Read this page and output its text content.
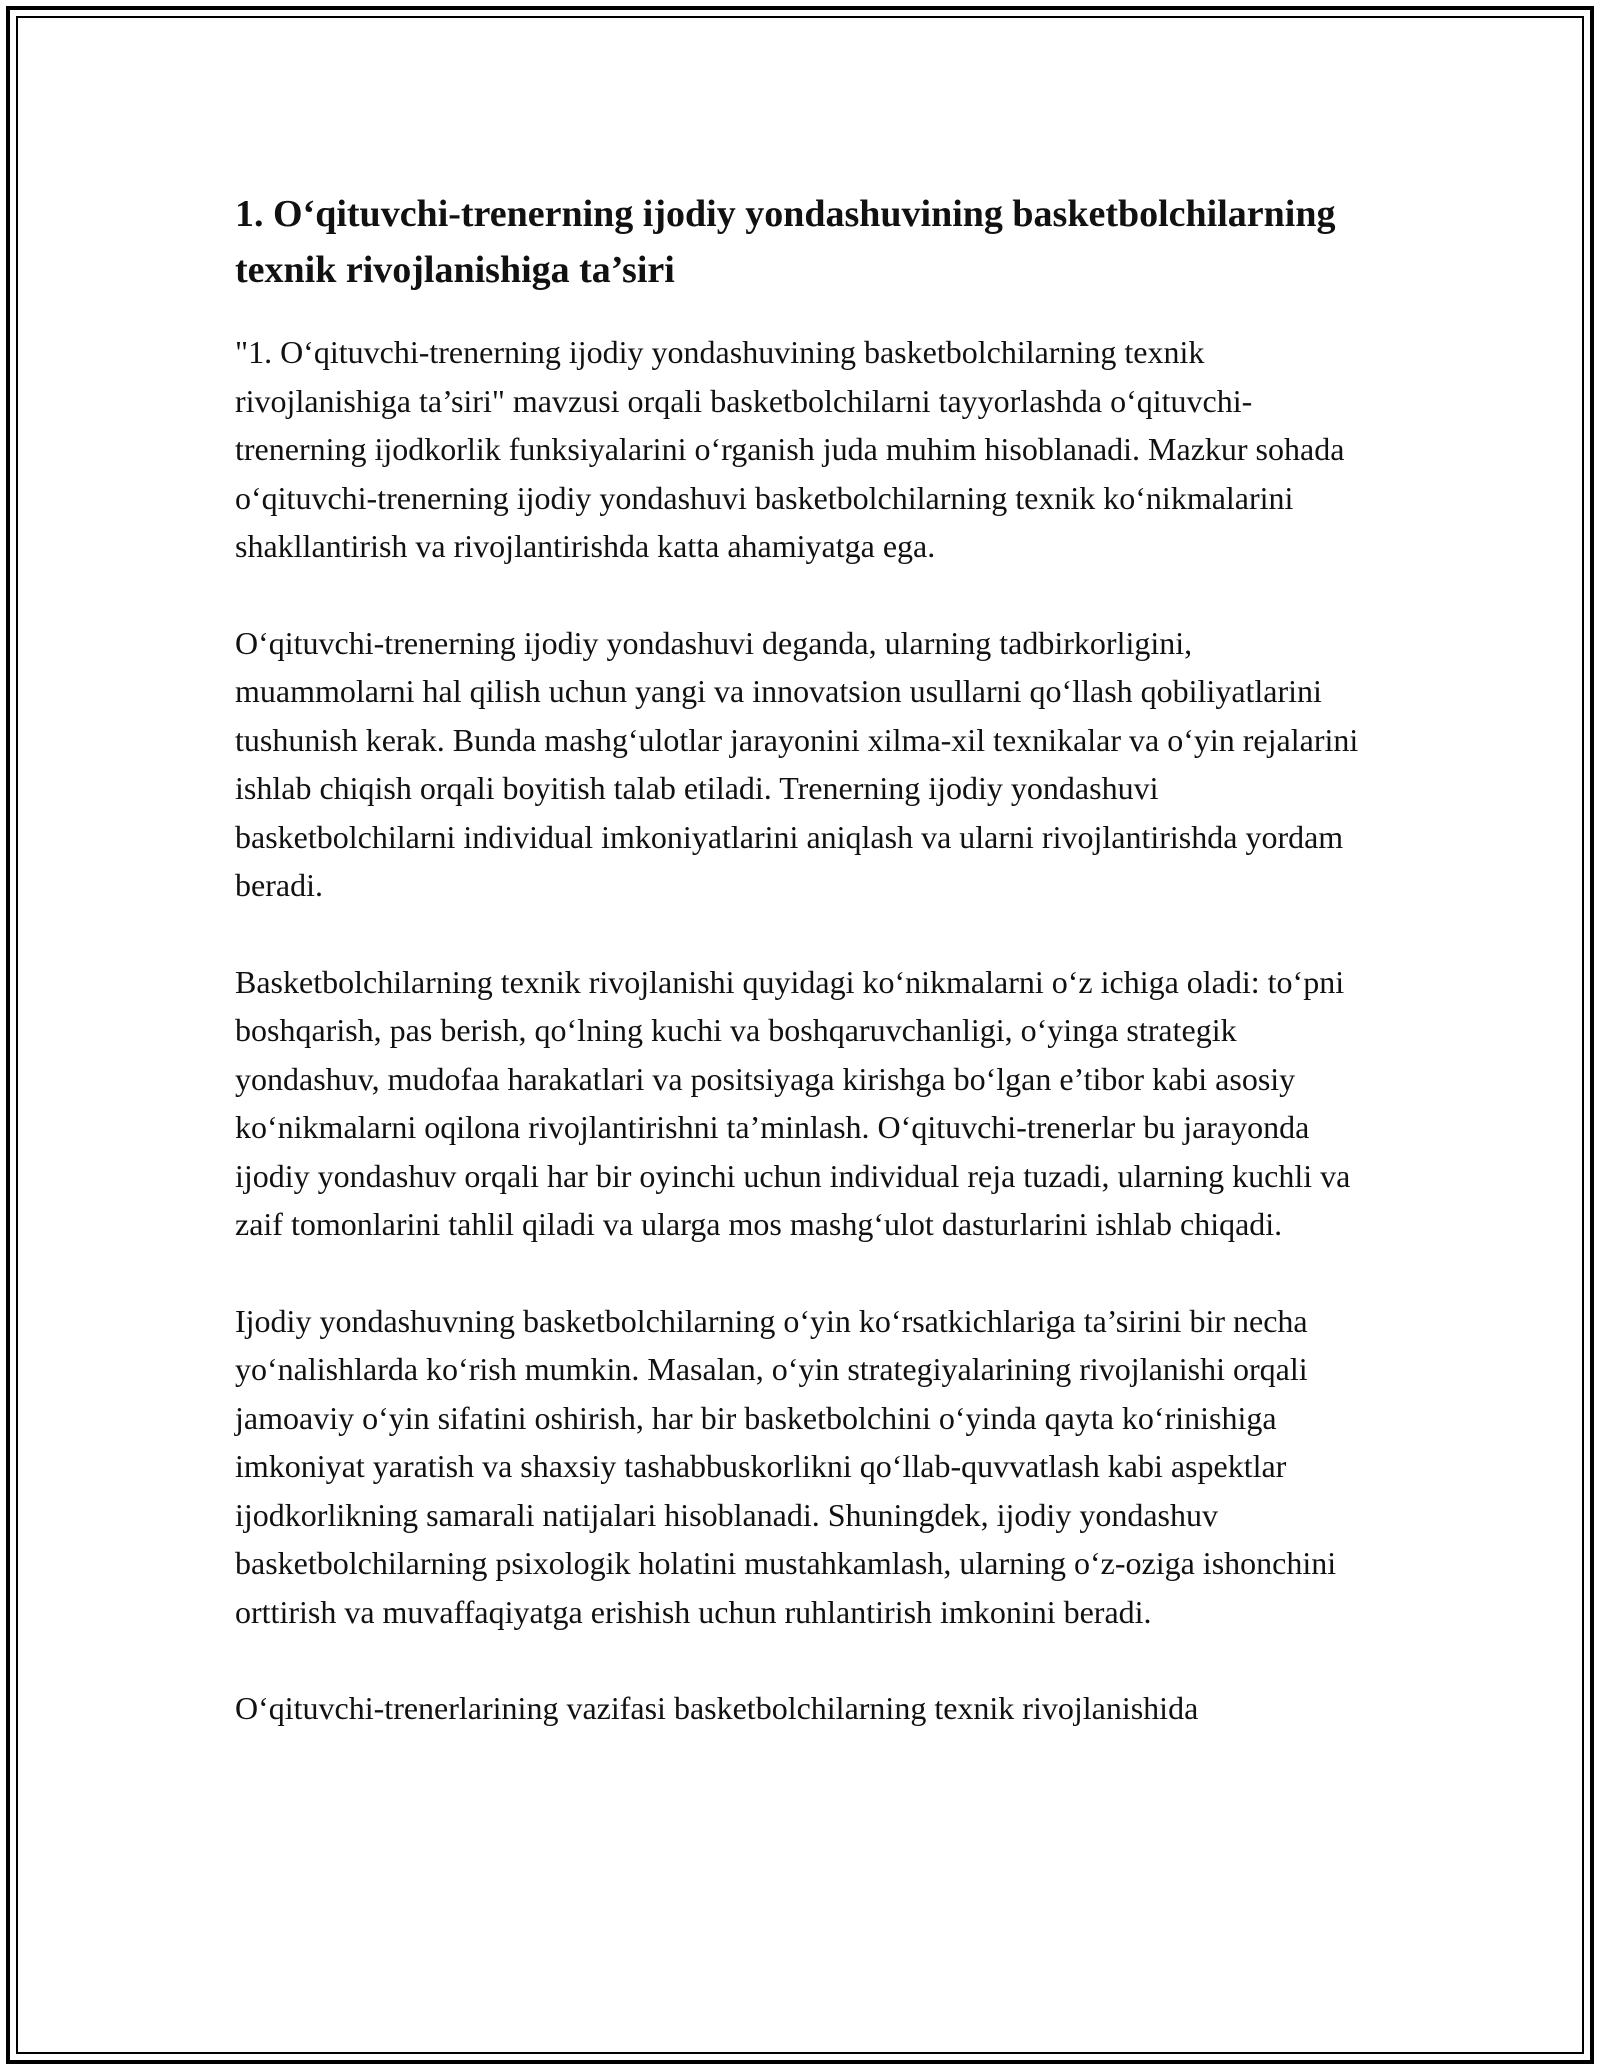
1. O‘qituvchi-trenerning ijodiy yondashuvining basketbolchilarning texnik rivojlanishiga ta’siri

"1. O‘qituvchi-trenerning ijodiy yondashuvining basketbolchilarning texnik rivojlanishiga ta’siri" mavzusi orqali basketbolchilarni tayyorlashda o‘qituvchi-trenerning ijodkorlik funksiyalarini o‘rganish juda muhim hisoblanadi. Mazkur sohada o‘qituvchi-trenerning ijodiy yondashuvi basketbolchilarning texnik ko‘nikmalarini shakllantirish va rivojlantirishda katta ahamiyatga ega.

O‘qituvchi-trenerning ijodiy yondashuvi deganda, ularning tadbirkorligini, muammolarni hal qilish uchun yangi va innovatsion usullarni qo‘llash qobiliyatlarini tushunish kerak. Bunda mashg‘ulotlar jarayonini xilma-xil texnikalar va o‘yin rejalarini ishlab chiqish orqali boyitish talab etiladi. Trenerning ijodiy yondashuvi basketbolchilarni individual imkoniyatlarini aniqlash va ularni rivojlantirishda yordam beradi.

Basketbolchilarning texnik rivojlanishi quyidagi ko‘nikmalarni o‘z ichiga oladi: to‘pni boshqarish, pas berish, qo‘lning kuchi va boshqaruvchanligi, o‘yinga strategik yondashuv, mudofaa harakatlari va positsiyaga kirishga bo‘lgan e’tibor kabi asosiy ko‘nikmalarni oqilona rivojlantirishni ta’minlash. O‘qituvchi-trenerlar bu jarayonda ijodiy yondashuv orqali har bir oyinchi uchun individual reja tuzadi, ularning kuchli va zaif tomonlarini tahlil qiladi va ularga mos mashg‘ulot dasturlarini ishlab chiqadi.

Ijodiy yondashuvning basketbolchilarning o‘yin ko‘rsatkichlariga ta’sirini bir necha yo‘nalishlarda ko‘rish mumkin. Masalan, o‘yin strategiyalarining rivojlanishi orqali jamoaviy o‘yin sifatini oshirish, har bir basketbolchini o‘yinda qayta ko‘rinishiga imkoniyat yaratish va shaxsiy tashabbuskorlikni qo‘llab-quvvatlash kabi aspektlar ijodkorlikning samarali natijalari hisoblanadi. Shuningdek, ijodiy yondashuv basketbolchilarning psixologik holatini mustahkamlash, ularning o‘z-oziga ishonchini orttirish va muvaffaqiyatga erishish uchun ruhlantirish imkonini beradi.

O‘qituvchi-trenerlarining vazifasi basketbolchilarning texnik rivojlanishida
